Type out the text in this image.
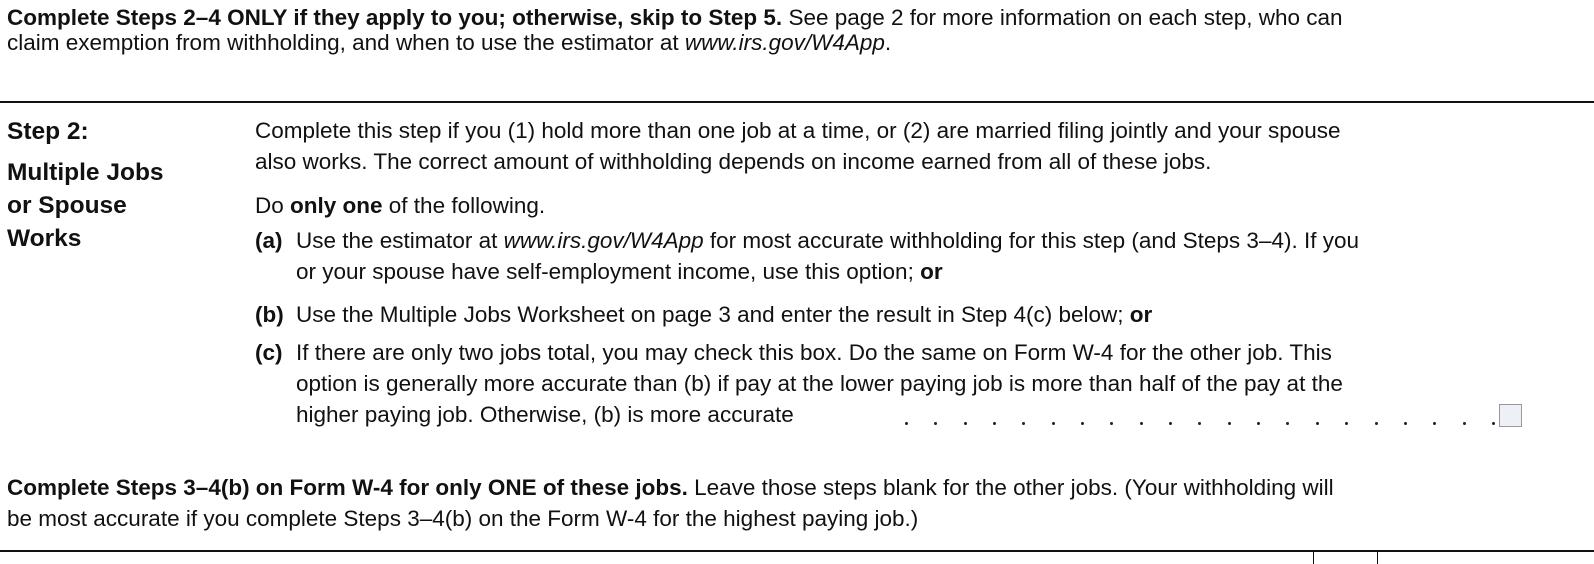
Complete Steps 2–4 ONLY if they apply to you; otherwise, skip to Step 5. See page 2 for more information on each step, who can
claim exemption from withholding, and when to use the estimator at www.irs.gov/W4App.
Step 2:
Multiple Jobs
or Spouse
Works
Complete this step if you (1) hold more than one job at a time, or (2) are married filing jointly and your spouse
also works. The correct amount of withholding depends on income earned from all of these jobs.
Do only one of the following.
(a) Use the estimator at www.irs.gov/W4App for most accurate withholding for this step (and Steps 3–4). If you
or your spouse have self-employment income, use this option; or
(b) Use the Multiple Jobs Worksheet on page 3 and enter the result in Step 4(c) below; or
(c) If there are only two jobs total, you may check this box. Do the same on Form W-4 for the other job. This
option is generally more accurate than (b) if pay at the lower paying job is more than half of the pay at the
higher paying job. Otherwise, (b) is more accurate
Complete Steps 3–4(b) on Form W-4 for only ONE of these jobs. Leave those steps blank for the other jobs. (Your withholding will
be most accurate if you complete Steps 3–4(b) on the Form W-4 for the highest paying job.)
